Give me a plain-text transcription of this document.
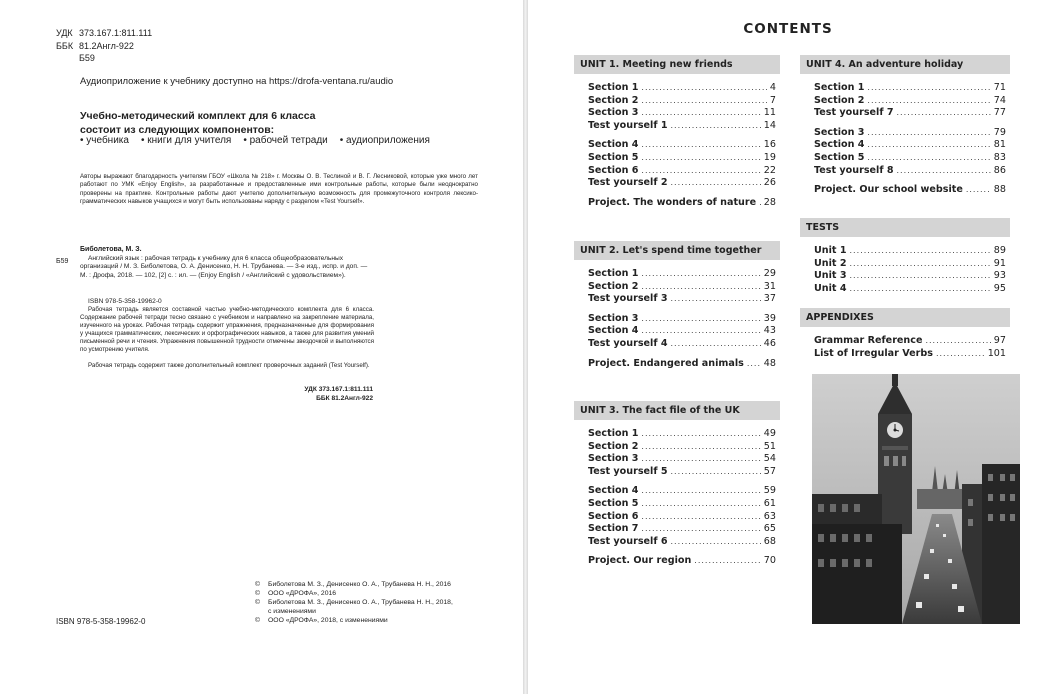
УДК 373.167.1:811.111
ББК 81.2Англ-922
Б59
Аудиоприложение к учебнику доступно на https://drofa-ventana.ru/audio
Учебно-методический комплект для 6 класса
состоит из следующих компонентов:
• учебника	• книги для учителя	• рабочей тетради	• аудиоприложения
Авторы выражают благодарность учителям ГБОУ «Школа № 218» г. Москвы О. В. Теслиной и В. Г. Лесниковой, которые уже много лет работают по УМК «Enjoy English», за разработанные и предоставленные ими контрольные работы, которые были неоднократно проверены на практике. Контрольные работы дают учителю дополнительную возможность для промежуточного контроля лексико-грамматических навыков учащихся и могут быть использованы наряду с разделом «Test Yourself».
Биболетова, М. З.
Б59	Английский язык : рабочая тетрадь к учебнику для 6 класса общеобразовательных организаций / М. З. Биболетова, О. А. Денисенко, Н. Н. Трубанева. — 3-е изд., испр. и доп. — М. : Дрофа, 2018. — 102, [2] с. : ил. — (Enjoy English / «Английский с удовольствием»).
ISBN 978-5-358-19962-0
Рабочая тетрадь является составной частью учебно-методического комплекта для 6 класса. Содержание рабочей тетради тесно связано с учебником и направлено на закрепление материала, изученного на уроках. Рабочая тетрадь содержит упражнения, предназначенные для формирования у учащихся грамматических, лексических и орфографических навыков, а также для развития умений письменной речи и чтения. Упражнения повышенной трудности отмечены звездочкой и выполняются по усмотрению учителя.
Рабочая тетрадь содержит также дополнительный комплект проверочных заданий (Test Yourself).
УДК 373.167.1:811.111
ББК 81.2Англ-922
©	Биболетова М. З., Денисенко О. А., Трубанева Н. Н., 2016
©	ООО «ДРОФА», 2016
©	Биболетова М. З., Денисенко О. А., Трубанева Н. Н., 2018,
с изменениями
©	ООО «ДРОФА», 2018, с изменениями
ISBN 978-5-358-19962-0
CONTENTS
UNIT 1. Meeting new friends
Section 1 .....	4
Section 2 .....	7
Section 3 .....	11
Test yourself 1 .....	14
Section 4 .....	16
Section 5 .....	19
Section 6 .....	22
Test yourself 2 .....	26
Project. The wonders of nature ..... 28
UNIT 2. Let's spend time together
Section 1 .....	29
Section 2 .....	31
Test yourself 3 .....	37
Section 3 .....	39
Section 4 .....	43
Test yourself 4 .....	46
Project. Endangered animals ..... 48
UNIT 3. The fact file of the UK
Section 1 .....	49
Section 2 .....	51
Section 3 .....	54
Test yourself 5 .....	57
Section 4 .....	59
Section 5 .....	61
Section 6 .....	63
Section 7 .....	65
Test yourself 6 .....	68
Project. Our region .....	70
UNIT 4. An adventure holiday
Section 1 .....	71
Section 2 .....	74
Test yourself 7 .....	77
Section 3 .....	79
Section 4 .....	81
Section 5 .....	83
Test yourself 8 .....	86
Project. Our school website .....	88
TESTS
Unit 1 .....	89
Unit 2 .....	91
Unit 3 .....	93
Unit 4 .....	95
APPENDIXES
Grammar Reference .....	97
List of Irregular Verbs .....	101
